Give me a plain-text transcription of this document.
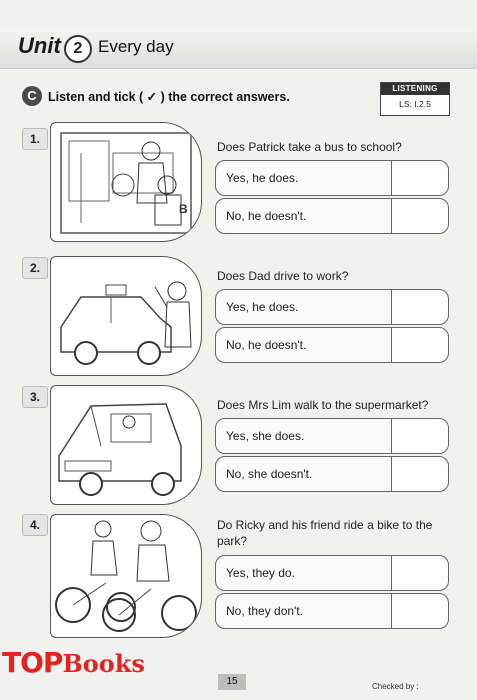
Unit 2 Every day
C Listen and tick ( ✓ ) the correct answers.
LISTENING
LS: I.2.5
1.
B
Does Patrick take a bus to school?
Yes, he does.
No, he doesn't.
2.
Does Dad drive to work?
Yes, he does.
No, he doesn't.
3.
Does Mrs Lim walk to the supermarket?
Yes, she does.
No, she doesn't.
4.	Do Ricky and his friend ride a bike to the park?
Yes, they do.
No, they don't.
15	Checked by :
TOPBooks
